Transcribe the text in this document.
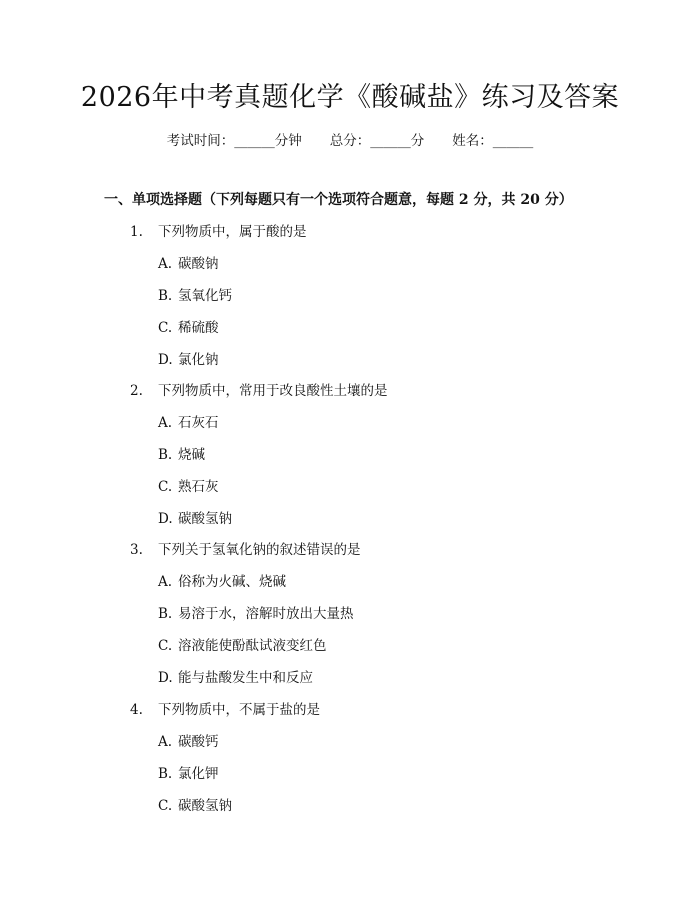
2026年中考真题化学《酸碱盐》练习及答案
考试时间：______分钟 总分：______分 姓名：______
一、单项选择题（下列每题只有一个选项符合题意，每题 2 分，共 20 分）
1. 下列物质中，属于酸的是
A. 碳酸钠
B. 氢氧化钙
C. 稀硫酸
D. 氯化钠
2. 下列物质中，常用于改良酸性土壤的是
A. 石灰石
B. 烧碱
C. 熟石灰
D. 碳酸氢钠
3. 下列关于氢氧化钠的叙述错误的是
A. 俗称为火碱、烧碱
B. 易溶于水，溶解时放出大量热
C. 溶液能使酚酞试液变红色
D. 能与盐酸发生中和反应
4. 下列物质中，不属于盐的是
A. 碳酸钙
B. 氯化钾
C. 碳酸氢钠
